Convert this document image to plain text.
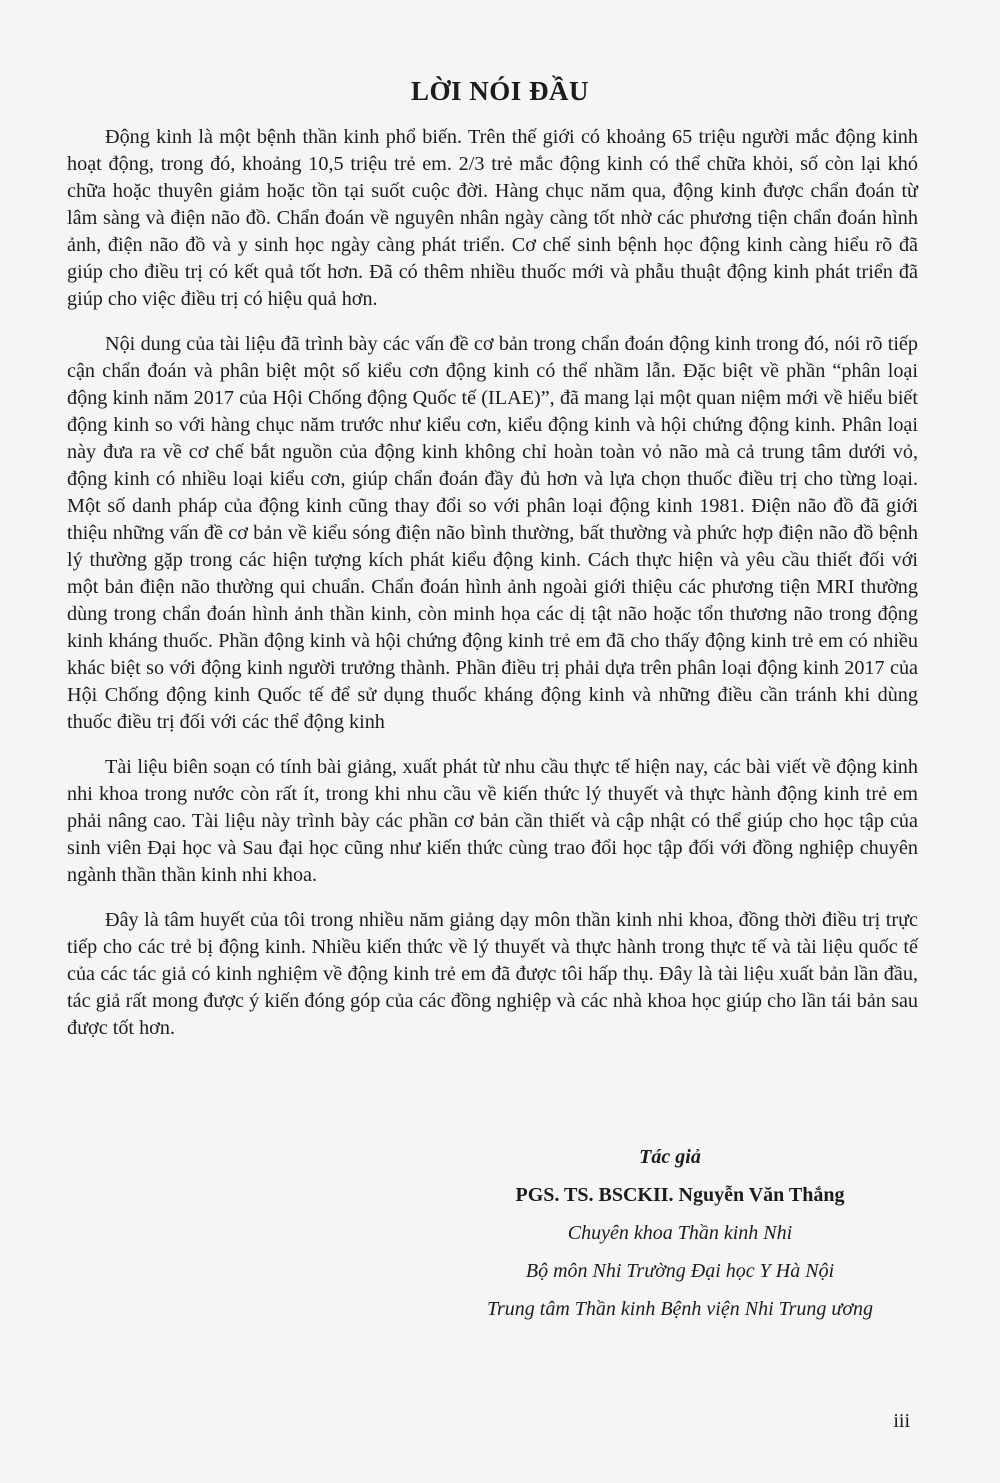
LỜI NÓI ĐẦU

Động kinh là một bệnh thần kinh phổ biến. Trên thế giới có khoảng 65 triệu người mắc động kinh hoạt động, trong đó, khoảng 10,5 triệu trẻ em. 2/3 trẻ mắc động kinh có thể chữa khỏi, số còn lại khó chữa hoặc thuyên giảm hoặc tồn tại suốt cuộc đời. Hàng chục năm qua, động kinh được chẩn đoán từ lâm sàng và điện não đồ. Chẩn đoán về nguyên nhân ngày càng tốt nhờ các phương tiện chẩn đoán hình ảnh, điện não đồ và y sinh học ngày càng phát triển. Cơ chế sinh bệnh học động kinh càng hiểu rõ đã giúp cho điều trị có kết quả tốt hơn. Đã có thêm nhiều thuốc mới và phẫu thuật động kinh phát triển đã giúp cho việc điều trị có hiệu quả hơn.

Nội dung của tài liệu đã trình bày các vấn đề cơ bản trong chẩn đoán động kinh trong đó, nói rõ tiếp cận chẩn đoán và phân biệt một số kiểu cơn động kinh có thể nhầm lẫn. Đặc biệt về phần “phân loại động kinh năm 2017 của Hội Chống động Quốc tế (ILAE)”, đã mang lại một quan niệm mới về hiểu biết động kinh so với hàng chục năm trước như kiểu cơn, kiểu động kinh và hội chứng động kinh. Phân loại này đưa ra về cơ chế bắt nguồn của động kinh không chỉ hoàn toàn vỏ não mà cả trung tâm dưới vỏ, động kinh có nhiều loại kiểu cơn, giúp chẩn đoán đầy đủ hơn và lựa chọn thuốc điều trị cho từng loại. Một số danh pháp của động kinh cũng thay đổi so với phân loại động kinh 1981. Điện não đồ đã giới thiệu những vấn đề cơ bản về kiểu sóng điện não bình thường, bất thường và phức hợp điện não đồ bệnh lý thường gặp trong các hiện tượng kích phát kiểu động kinh. Cách thực hiện và yêu cầu thiết đối với một bản điện não thường qui chuẩn. Chẩn đoán hình ảnh ngoài giới thiệu các phương tiện MRI thường dùng trong chẩn đoán hình ảnh thần kinh, còn minh họa các dị tật não hoặc tổn thương não trong động kinh kháng thuốc. Phần động kinh và hội chứng động kinh trẻ em đã cho thấy động kinh trẻ em có nhiều khác biệt so với động kinh người trưởng thành. Phần điều trị phải dựa trên phân loại động kinh 2017 của Hội Chống động kinh Quốc tế để sử dụng thuốc kháng động kinh và những điều cần tránh khi dùng thuốc điều trị đối với các thể động kinh

Tài liệu biên soạn có tính bài giảng, xuất phát từ nhu cầu thực tế hiện nay, các bài viết về động kinh nhi khoa trong nước còn rất ít, trong khi nhu cầu về kiến thức lý thuyết và thực hành động kinh trẻ em phải nâng cao. Tài liệu này trình bày các phần cơ bản cần thiết và cập nhật có thể giúp cho học tập của sinh viên Đại học và Sau đại học cũng như kiến thức cùng trao đổi học tập đối với đồng nghiệp chuyên ngành thần thần kinh nhi khoa.

Đây là tâm huyết của tôi trong nhiều năm giảng dạy môn thần kinh nhi khoa, đồng thời điều trị trực tiếp cho các trẻ bị động kinh. Nhiều kiến thức về lý thuyết và thực hành trong thực tế và tài liệu quốc tế của các tác giả có kinh nghiệm về động kinh trẻ em đã được tôi hấp thụ. Đây là tài liệu xuất bản lần đầu, tác giả rất mong được ý kiến đóng góp của các đồng nghiệp và các nhà khoa học giúp cho lần tái bản sau được tốt hơn.

Tác giả

PGS. TS. BSCKII. Nguyễn Văn Thắng

Chuyên khoa Thần kinh Nhi

Bộ môn Nhi Trường Đại học Y Hà Nội

Trung tâm Thần kinh Bệnh viện Nhi Trung ương

iii
